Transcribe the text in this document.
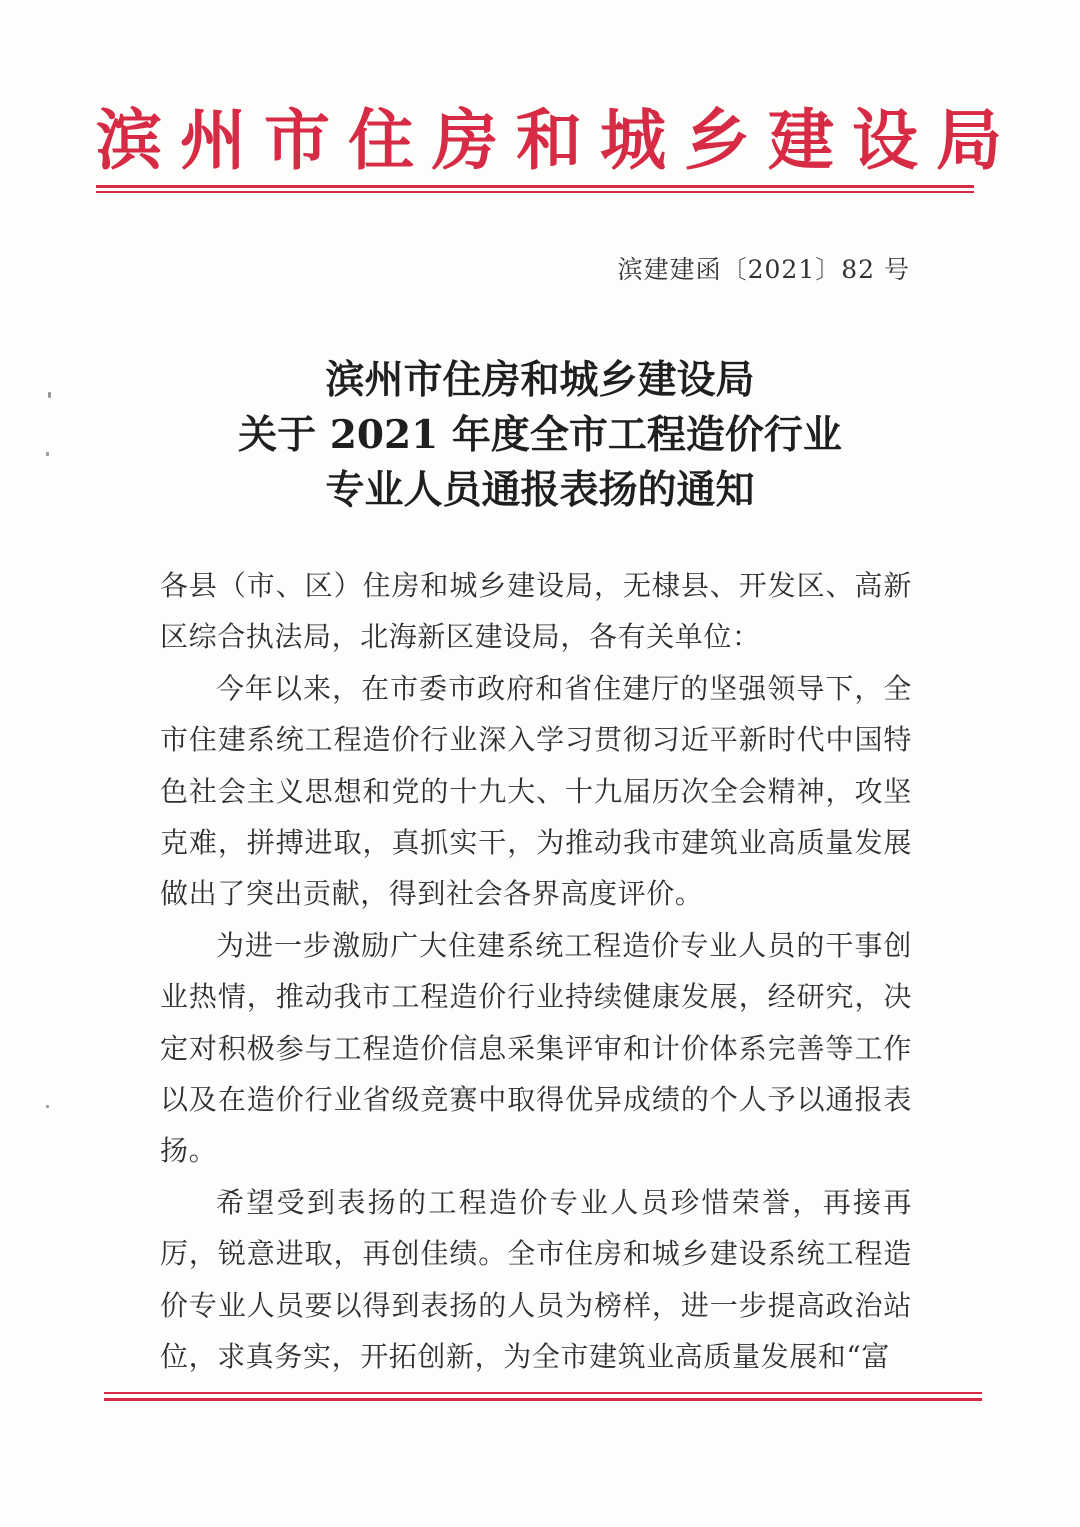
滨州市住房和城乡建设局
滨建建函〔2021〕82 号
滨州市住房和城乡建设局
关于 2021 年度全市工程造价行业
专业人员通报表扬的通知

各县（市、区）住房和城乡建设局，无棣县、开发区、高新区综合执法局，北海新区建设局，各有关单位：

今年以来，在市委市政府和省住建厅的坚强领导下，全市住建系统工程造价行业深入学习贯彻习近平新时代中国特色社会主义思想和党的十九大、十九届历次全会精神，攻坚克难，拼搏进取，真抓实干，为推动我市建筑业高质量发展做出了突出贡献，得到社会各界高度评价。

为进一步激励广大住建系统工程造价专业人员的干事创业热情，推动我市工程造价行业持续健康发展，经研究，决定对积极参与工程造价信息采集评审和计价体系完善等工作以及在造价行业省级竞赛中取得优异成绩的个人予以通报表扬。

希望受到表扬的工程造价专业人员珍惜荣誉，再接再厉，锐意进取，再创佳绩。全市住房和城乡建设系统工程造价专业人员要以得到表扬的人员为榜样，进一步提高政治站位，求真务实，开拓创新，为全市建筑业高质量发展和“富
